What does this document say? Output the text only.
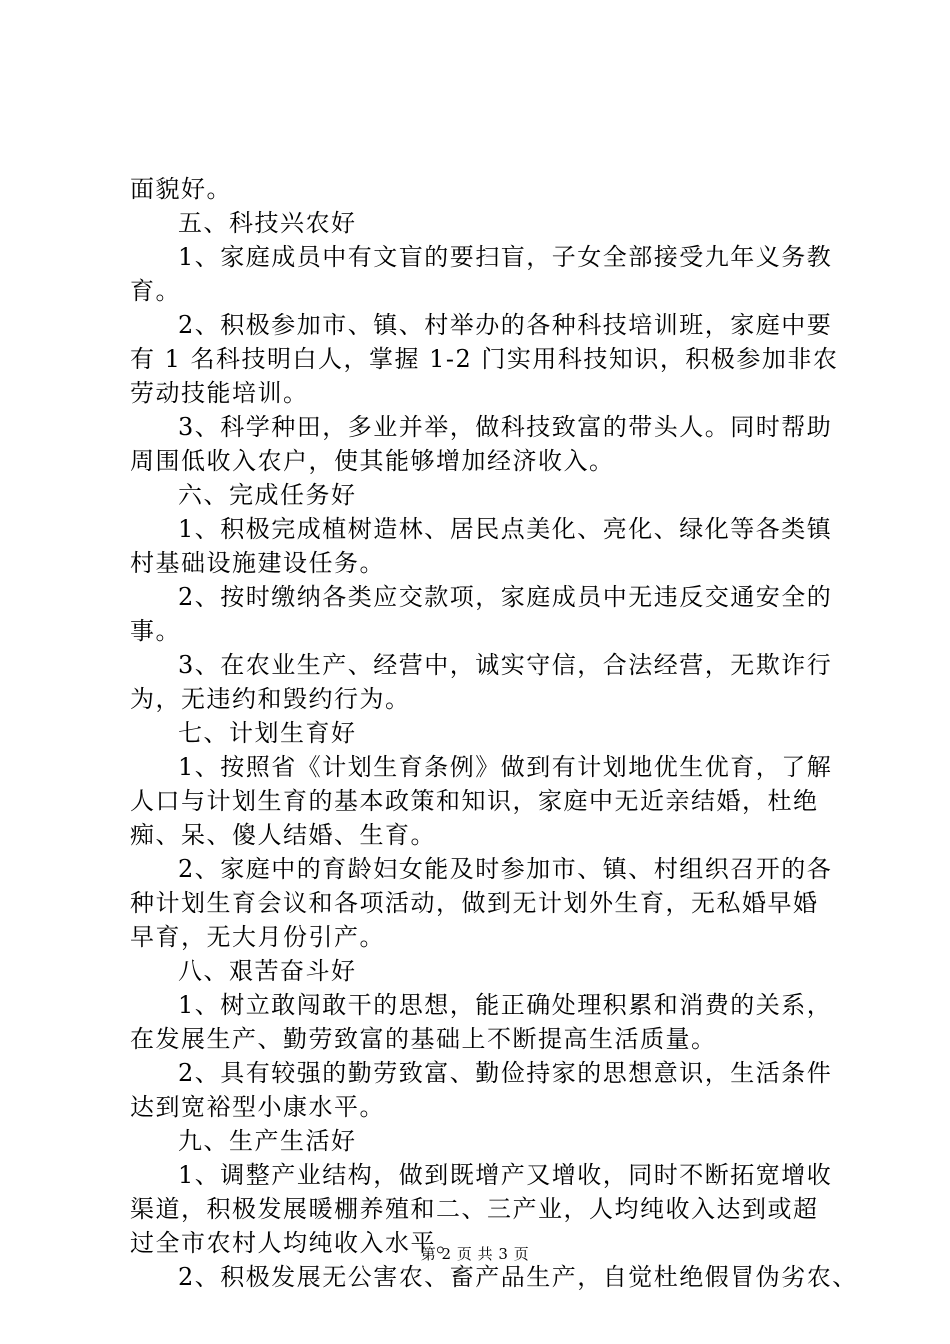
面貌好。
五、科技兴农好
1、家庭成员中有文盲的要扫盲，子女全部接受九年义务教
育。
2、积极参加市、镇、村举办的各种科技培训班，家庭中要
有 1 名科技明白人，掌握 1-2 门实用科技知识，积极参加非农
劳动技能培训。
3、科学种田，多业并举，做科技致富的带头人。同时帮助
周围低收入农户，使其能够增加经济收入。
六、完成任务好
1、积极完成植树造林、居民点美化、亮化、绿化等各类镇
村基础设施建设任务。
2、按时缴纳各类应交款项，家庭成员中无违反交通安全的
事。
3、在农业生产、经营中，诚实守信，合法经营，无欺诈行
为，无违约和毁约行为。
七、计划生育好
1、按照省《计划生育条例》做到有计划地优生优育，了解
人口与计划生育的基本政策和知识，家庭中无近亲结婚，杜绝
痴、呆、傻人结婚、生育。
2、家庭中的育龄妇女能及时参加市、镇、村组织召开的各
种计划生育会议和各项活动，做到无计划外生育，无私婚早婚
早育，无大月份引产。
八、艰苦奋斗好
1、树立敢闯敢干的思想，能正确处理积累和消费的关系，
在发展生产、勤劳致富的基础上不断提高生活质量。
2、具有较强的勤劳致富、勤俭持家的思想意识，生活条件
达到宽裕型小康水平。
九、生产生活好
1、调整产业结构，做到既增产又增收，同时不断拓宽增收
渠道，积极发展暖棚养殖和二、三产业，人均纯收入达到或超
过全市农村人均纯收入水平。
2、积极发展无公害农、畜产品生产，自觉杜绝假冒伪劣农、
第 2 页 共 3 页
